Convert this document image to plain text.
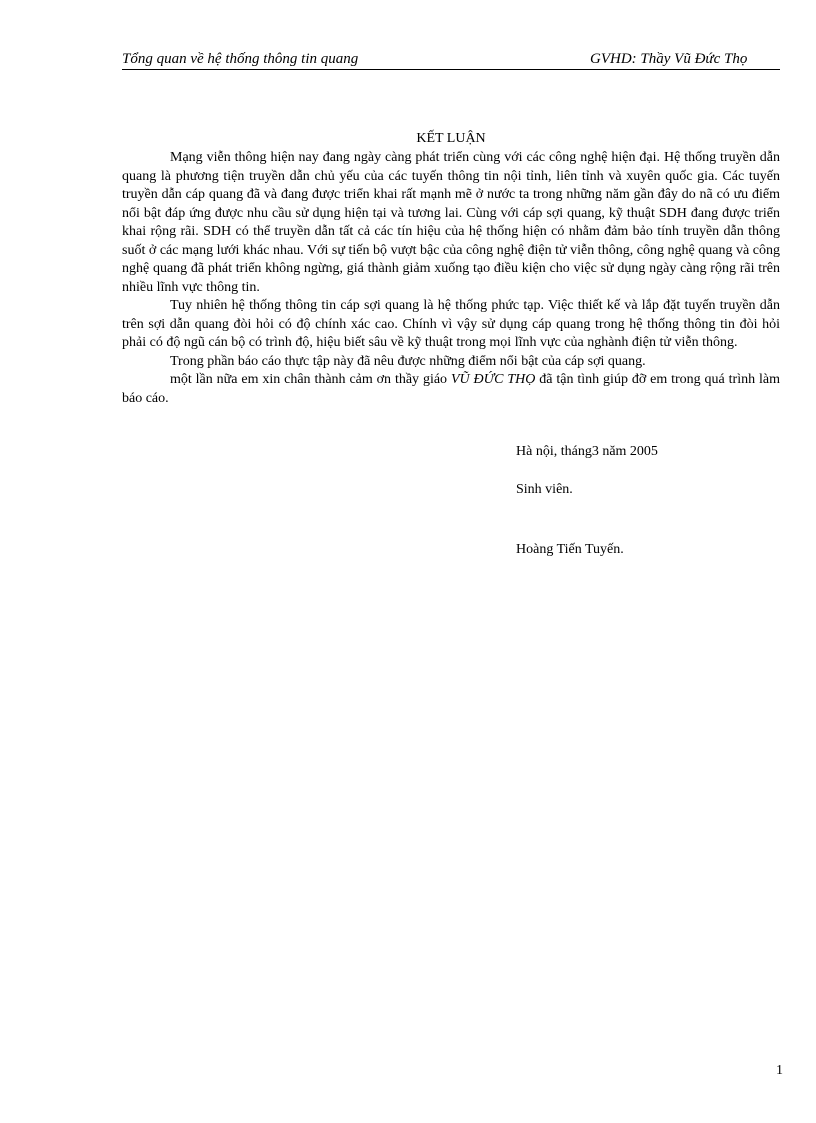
Tổng quan về hệ thống thông tin quang	GVHD: Thầy Vũ Đức Thọ
KẾT LUẬN

Mạng viễn thông hiện nay đang ngày càng phát triển cùng với các công nghệ hiện đại. Hệ thống truyền dẫn quang là phương tiện truyền dẫn chủ yếu của các tuyến thông tin nội tỉnh, liên tỉnh và xuyên quốc gia. Các tuyến truyền dẫn cáp quang đã và đang được triển khai rất mạnh mẽ ở nước ta trong những năm gần đây do nã có ưu điểm nổi bật đáp ứng được nhu cầu sử dụng hiện tại và tương lai. Cùng với cáp sợi quang, kỹ thuật SDH đang được triển khai rộng rãi. SDH có thể truyền dẫn tất cả các tín hiệu của hệ thống hiện có nhằm đảm bảo tính truyền dẫn thông suốt ở các mạng lưới khác nhau. Với sự tiến bộ vượt bậc của công nghệ điện tử viễn thông, công nghệ quang và công nghệ quang đã phát triển không ngừng, giá thành giảm xuống tạo điều kiện cho việc sử dụng ngày càng rộng rãi trên nhiều lĩnh vực thông tin.

Tuy nhiên hệ thống thông tin cáp sợi quang là hệ thống phức tạp. Việc thiết kế và lắp đặt tuyến truyền dẫn trên sợi dẫn quang đòi hỏi có độ chính xác cao. Chính vì vậy sử dụng cáp quang trong hệ thống thông tin đòi hỏi phải có độ ngũ cán bộ có trình độ, hiệu biết sâu về kỹ thuật trong mọi lĩnh vực của nghành điện tử viễn thông.

Trong phần báo cáo thực tập này đã nêu được những điểm nổi bật của cáp sợi quang.

một lần nữa em xin chân thành cảm ơn thầy giáo VŨ ĐỨC THỌ đã tận tình giúp đỡ em trong quá trình làm báo cáo.

Hà nội, tháng3 năm 2005
Sinh viên.
Hoàng Tiến Tuyến.
1
